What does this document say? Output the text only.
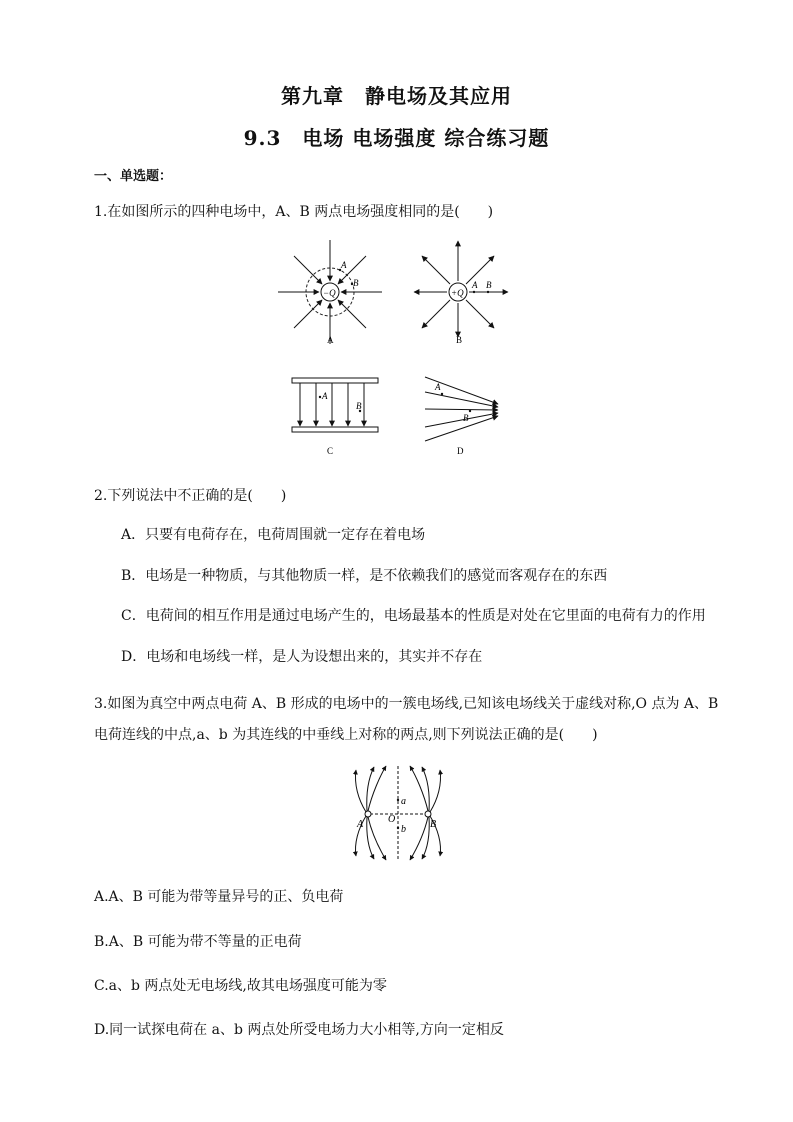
第九章　静电场及其应用
9.3　电场 电场强度 综合练习题
一、单选题：
1.在如图所示的四种电场中，A、B 两点电场强度相同的是(　　)
−Q
A
B
A
+Q
A B
B
A
B
C
A
B
D
2.下列说法中不正确的是(　　)
A．只要有电荷存在，电荷周围就一定存在着电场
B．电场是一种物质，与其他物质一样，是不依赖我们的感觉而客观存在的东西
C．电荷间的相互作用是通过电场产生的，电场最基本的性质是对处在它里面的电荷有力的作用
D．电场和电场线一样，是人为设想出来的，其实并不存在
3.如图为真空中两点电荷 A、B 形成的电场中的一簇电场线,已知该电场线关于虚线对称,O 点为 A、B
电荷连线的中点,a、b 为其连线的中垂线上对称的两点,则下列说法正确的是(　　)
a
b
O
A	B
A.A、B 可能为带等量异号的正、负电荷
B.A、B 可能为带不等量的正电荷
C.a、b 两点处无电场线,故其电场强度可能为零
D.同一试探电荷在 a、b 两点处所受电场力大小相等,方向一定相反
